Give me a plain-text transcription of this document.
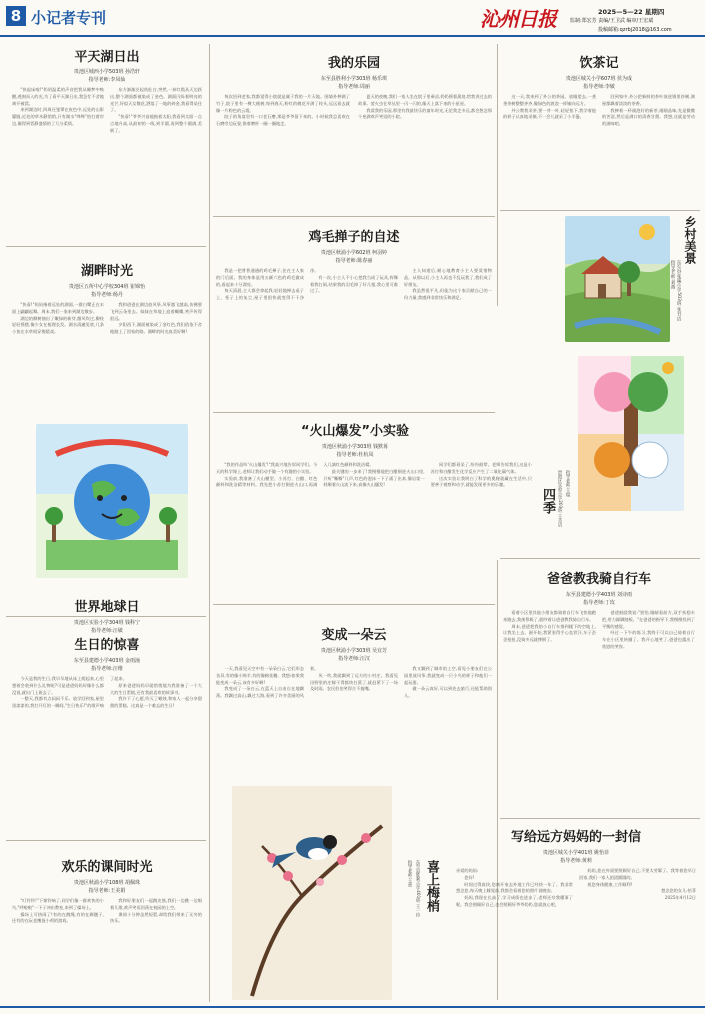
8 小记者专刊	沁州日报	2025—5—22 星期四
监制:郑宏芳 责编/王卫武 编审/王宏斌
投稿邮箱:qzrbj2018@163.com
平天湖日出
贵池区城西小学503班 孙浩轩
指导老师:李凤仙

"快起床啦!"奶奶温柔的声音把我从睡梦中唤醒,透窗而入的光,为了看平天湖日出,我急忙不舍地离开被窝。

来到湖边时,四周还笼罩在夜色中,远处的山影朦胧,近处的草木静悄悄,只有湖水"哗哗"拍打着岸边,像得到恬静盛情的了几分柔情。

东方渐渐泛起鱼肚白,突然,一抹红霞从天边跃出,整个湖面都被染成了金色。湖面闪烁着明亮的光芒,好似天女散花,洒落了一地的碎金,我看得呆住了。

"快看!"爷爷兴奋地指着太阳,我看到太阳一点点地升高,从最初的一线,到半圆,再到整个圆满,美极了。

我的乐园
东至县胜利小学303班 杨乐琪
指导老师:周丽

每次回到老家,我都觉得小院就是属于我的一片天地。围墙外种满了竹子,院子里有一棵大桃树,每到春天,粉红的桃花开满了枝头,远远看去就像一片粉色的云霞。

院子的角落里有一口老石磨,那是爷爷留下来的。小时候我总喜欢在石磨旁边玩耍,推着磨杆一圈一圈地走。

夏天的夜晚,我们一家人坐在院子里乘凉,奶奶摇着蒲扇,给我讲过去的故事。萤火虫在草丛里一闪一闪的,像天上落下来的小星星。

我爱我的乐园,那里有我最快乐的童年时光,无论我走多远,都会想念那个充满欢声笑语的小院。

饮茶记
贵池区城关小学607班 侯为成
指导老师:李敏

这一天,我来到了外公的茶园。放眼望去,一垄垄茶树整整齐齐,像绿色的波浪一样铺向远方。

外公教我采茶,要一芽一叶,轻轻掐下,我学着他的样子认真地采摘,不一会儿就采了小半篓。

回到家中,外公把新鲜的茶叶放进锅里炒制,满屋都飘着淡淡的茶香。

我捧着一杯刚泡好的新茶,细细品味,先是微微的苦涩,然后是满口的清香甘甜。我想,这就是劳动的滋味吧。

湖畔时光
贵池区五所中心学校304班 崔锦怡
指导老师:杨丹

"快看!"妈妈指着远处的湖面,一群白鹭正在水面上翩翩起舞。周末,我们一家来到湖边散步。

湖边的柳树抽出了嫩绿的新芽,微风吹过,柳枝轻轻摇摆,像少女在梳理长发。湖水清澈见底,几条小鱼在水草间穿梭嬉戏。

我和爸爸在湖边放风筝,风筝越飞越高,仿佛要飞到云朵里去。妹妹在草地上追着蝴蝶,笑声传得很远。

夕阳西下,湖面被染成了金红色,我们依依不舍地踏上了回家的路。湖畔的时光真美好啊!

鸡毛掸子的自述
贵池区秋浦小学602班 柯羽婷
指导老师:陈春丽

我是一把普普通通的鸡毛掸子,住在主人家的门后面。我的身体是用五颜六色的鸡毛做成的,看起来十分漂亮。

每天清晨,主人都会拿起我,轻轻地掸去桌子上、柜子上的灰尘,屋子里很快就变得干干净净。

有一次,小主人不小心把我当成了玩具,挥舞着我打闹,结果我的羽毛掉了好几根,我心里可难过了。

主人知道后,耐心地教育小主人要爱惜物品。从那以后,小主人再也不乱玩我了,我们成了好朋友。

我虽然很平凡,但能为这个家贡献自己的一份力量,我感到非常快乐和满足。

乡村美景
东至县张溪小学503班 张书语
指导老师:刘燕
四季 贵池区实验小学203班 王圣语 指导老师:王瑞
世界地球日
贵池区实验小学304班 钱科宁
指导老师:汪敏
“火山爆发”小实验
贵池区秋浦小学303班 钱默苒
指导老师:杜杭凤

"我的作品叫'火山爆发'!"我高兴地告诉同学们。今天的科学课上,老师让我们动手做一个有趣的小实验。

实验前,我准备了火山模型、小苏打、白醋、红色颜料和洗洁精等材料。我先把小苏打倒进火山口,再滴入几滴红色颜料和洗洁精。

最关键的一步来了!我慢慢地把白醋倒进火山口里,只听"嘶嘶"几声,红色的泡沫一下子涌了出来,像岩浆一样顺着火山流下来,真像火山爆发!

同学们都看呆了,纷纷鼓掌。老师告诉我们,这是小苏打和白醋发生化学反应产生了二氧化碳气体。

这次实验让我明白了科学的奥秘就藏在生活中,只要善于观察和动手,就能发现更多的乐趣。

变成一朵云
贵池区秋浦小学303班 吴宜芳
指导老师:汪汉

一天,我看见天空中有一朵朵白云,它们形态各异,有的像小绵羊,有的像棉花糖。我想:如果我能变成一朵云,该有多好啊!

我变成了一朵白云,在蓝天上自由自在地飘荡。我飘过高山,飘过大海,看到了许多美丽的风景。

风一吹,我就飘到了远方的小村庄。我看见田野里的庄稼干得都快打蔫了,就赶紧下了一场及时雨。农民伯伯笑得合不拢嘴。

我又飘到了城市的上空,看见小朋友们在公园里放风筝,我就变成一只小鸟的样子和他们一起玩耍。

做一朵云真好,可以到处去旅行,还能帮助别人。

爸爸教我骑自行车
东至县建德小学403班 刘诗雨
指导老师:丁玫

看着小区里其他小朋友都骑着自行车飞快地跑来跑去,我羡慕极了,就吵着让爸爸教我骑自行车。

周末,爸爸把我的小自行车推到楼下的空地上,让我坐上去。刚开始,我紧张得手心直冒汗,车子歪歪扭扭,没骑多远就摔倒了。

爸爸鼓励我说:"别怕,眼睛看前方,双手扶稳车把,用力踩脚踏板。"在爸爸的指导下,我慢慢找到了平衡的感觉。

经过一下午的练习,我终于可以自己骑着自行车在小区里转圈了。我开心地笑了,爸爸也露出了欣慰的笑容。

生日的惊喜
东至县建德小学403班 金雨潼
指导老师:汪维

今天是我的生日,我早早地从床上爬起来,心里想着会收到什么礼物呢?可是爸爸妈妈好像什么都没说,就出门上班去了。

一整天,我都有点闷闷不乐。放学回到家,屋里黑漆漆的,我打开灯的一瞬间,"生日快乐!"的歌声响了起来。

原来爸爸妈妈早就悄悄地为我准备了一个大大的生日蛋糕,还有我最喜欢的故事书。

我许下了心愿,吹灭了蜡烛,和家人一起分享甜甜的蛋糕。这真是一个难忘的生日!

喜上梅梢
东至县胜利小学401班 王一玲
指导老师:王蕾
欢乐的课间时光
贵池区秋浦小学108班 胡佩珠
指导老师:王美娟

"叮铃铃!"下课铃响了,同学们像一群欢快的小鸟,"呼啦啦"一下子冲出教室,来到了操场上。

操场上可热闹了!有的在跳绳,有的在踢毽子,还有的在玩老鹰捉小鸡的游戏。

我和好朋友们一起跳皮筋,我们一边跳一边唱着儿歌,欢声笑语回荡在校园的上空。

课间十分钟虽然短暂,却给我们带来了无穷的快乐。

写给远方妈妈的一封信
贵池区城关小学401班 姚怡菲
指导老师:黄莉

亲爱的妈妈:

您好!

时间过得真快,您离开家去外地工作已经快一年了。我非常想念您,每天晚上睡觉前,我都会看着您的照片说晚安。

妈妈,我现在长高了,学习成绩也进步了,老师还夸我懂事了呢。我会照顾好自己,也会照顾好爷爷奶奶,您就放心吧。

妈妈,您在外面要照顾好自己,不要太劳累了。我等着您早日回家,我们一家人团团圆圆的。

祝您身体健康,工作顺利!

想念您的女儿:怡菲

2025年4月12日
